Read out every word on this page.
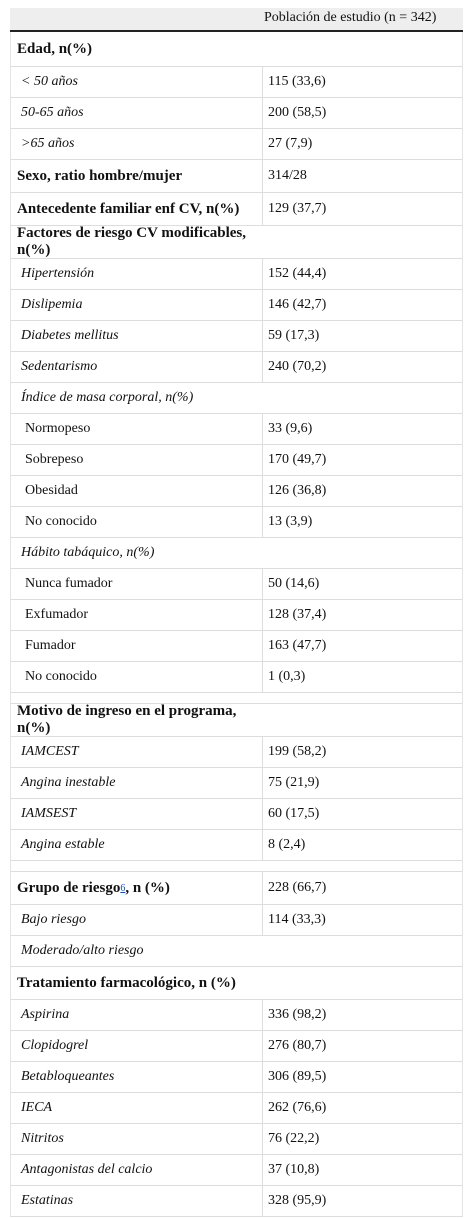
Población de estudio (n = 342)
Edad, n(%)
< 50 años	115 (33,6)
50-65 años	200 (58,5)
>65 años	27 (7,9)
Sexo, ratio hombre/mujer	314/28
Antecedente familiar enf CV, n(%)	129 (37,7)
Factores de riesgo CV modificables, n(%)
Hipertensión	152 (44,4)
Dislipemia	146 (42,7)
Diabetes mellitus	59 (17,3)
Sedentarismo	240 (70,2)
Índice de masa corporal, n(%)
Normopeso	33 (9,6)
Sobrepeso	170 (49,7)
Obesidad	126 (36,8)
No conocido	13 (3,9)
Hábito tabáquico, n(%)
Nunca fumador	50 (14,6)
Exfumador	128 (37,4)
Fumador	163 (47,7)
No conocido	1 (0,3)
Motivo de ingreso en el programa, n(%)
IAMCEST	199 (58,2)
Angina inestable	75 (21,9)
IAMSEST	60 (17,5)
Angina estable	8 (2,4)
Grupo de riesgo 6 , n (%)	228 (66,7)
Bajo riesgo	114 (33,3)
Moderado/alto riesgo
Tratamiento farmacológico, n (%)
Aspirina	336 (98,2)
Clopidogrel	276 (80,7)
Betabloqueantes	306 (89,5)
IECA	262 (76,6)
Nitritos	76 (22,2)
Antagonistas del calcio	37 (10,8)
Estatinas	328 (95,9)
